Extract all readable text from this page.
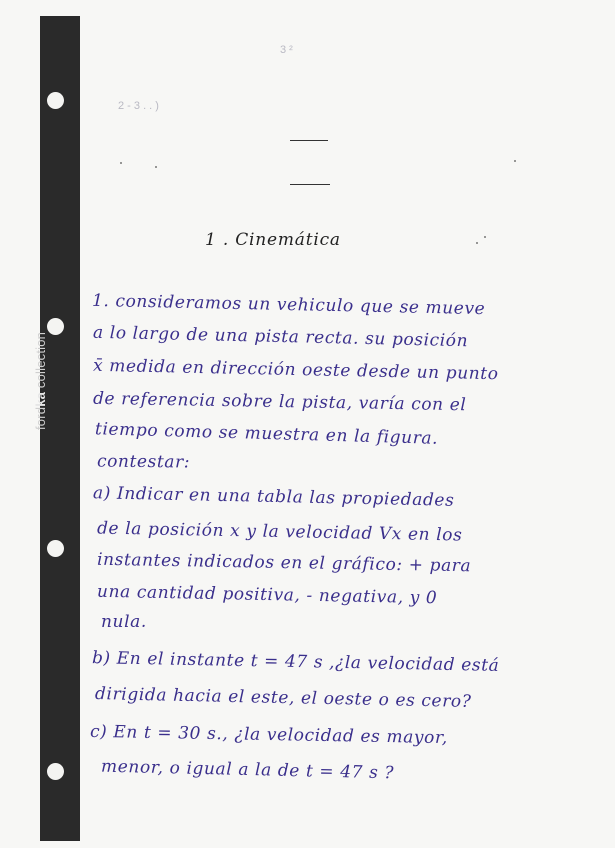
fordka collection
3 ²
2 - 3 . . )
1 . Cinemática
1. consideramos un vehiculo que se mueve
a lo largo de una pista recta. su posición
x̄ medida en dirección oeste desde un punto
de referencia sobre la pista, varía con el
tiempo como se muestra en la figura.
contestar:
a) Indicar en una tabla las propiedades
de la posición x y la velocidad Vx en los
instantes indicados en el gráfico: + para
una cantidad positiva, - negativa, y 0
nula.
b) En el instante t = 47 s ,¿la velocidad está
dirigida hacia el este, el oeste o es cero?
c) En t = 30 s., ¿la velocidad es mayor,
menor, o igual a la de t = 47 s ?
